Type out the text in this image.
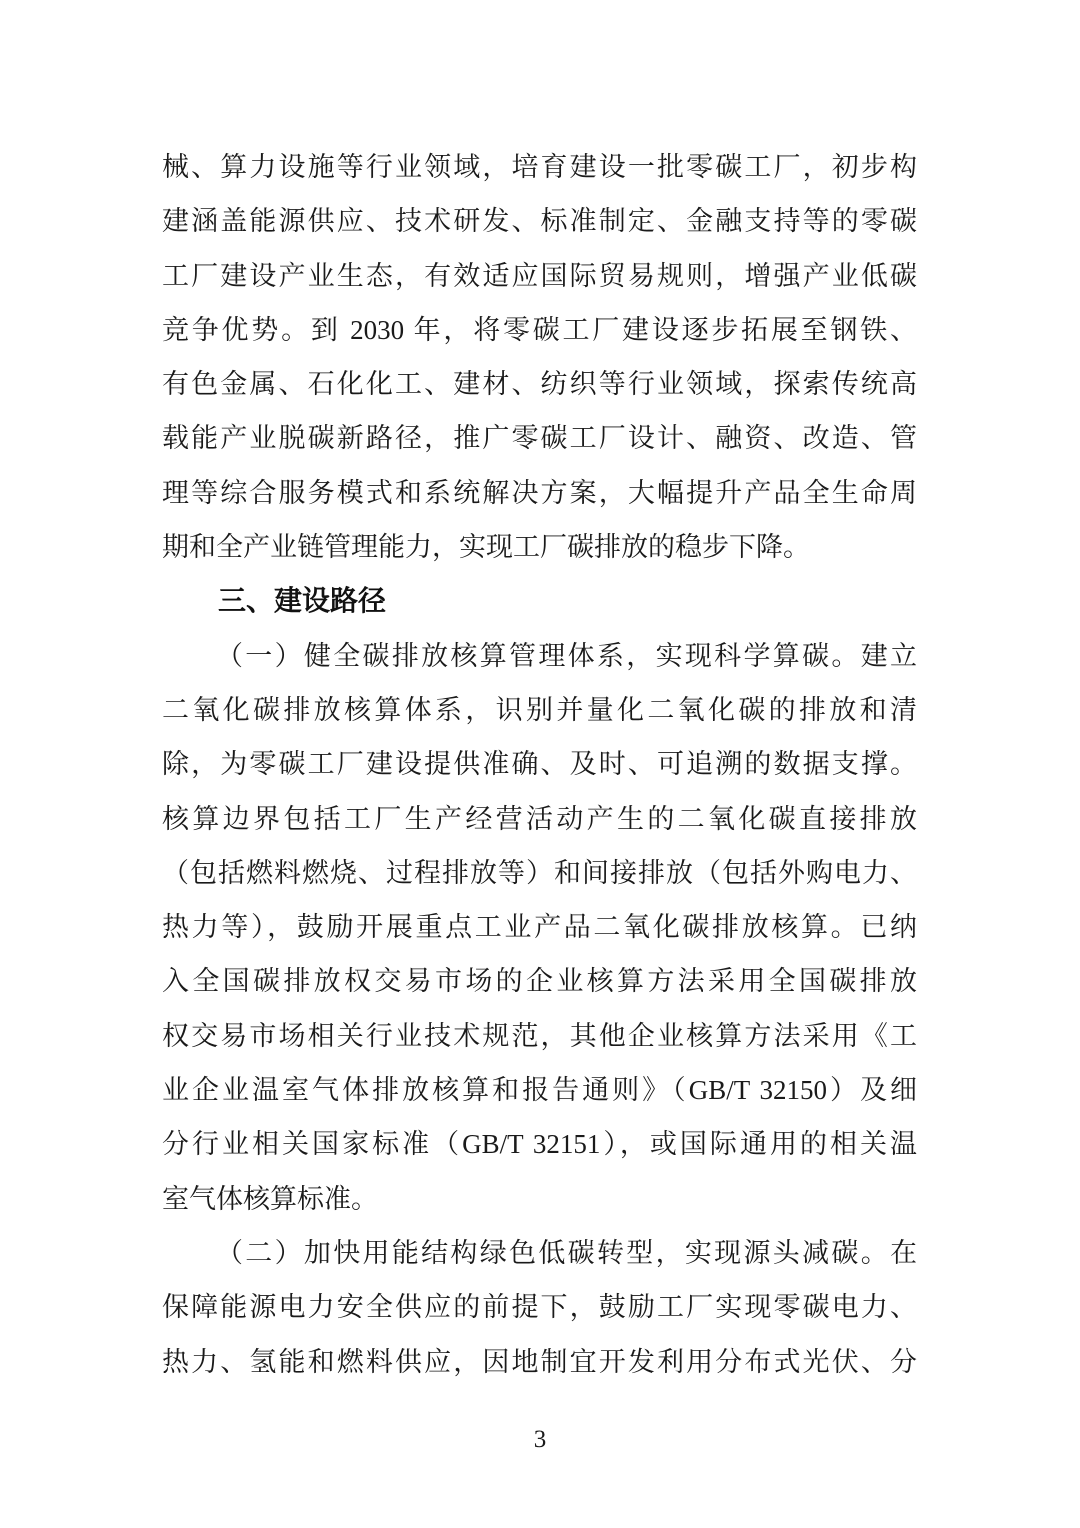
械、算力设施等行业领域，培育建设一批零碳工厂，初步构
建涵盖能源供应、技术研发、标准制定、金融支持等的零碳
工厂建设产业生态，有效适应国际贸易规则，增强产业低碳
竞争优势。到 2030 年，将零碳工厂建设逐步拓展至钢铁、
有色金属、石化化工、建材、纺织等行业领域，探索传统高
载能产业脱碳新路径，推广零碳工厂设计、融资、改造、管
理等综合服务模式和系统解决方案，大幅提升产品全生命周
期和全产业链管理能力，实现工厂碳排放的稳步下降。
三、建设路径
（一）健全碳排放核算管理体系，实现科学算碳。建立
二氧化碳排放核算体系，识别并量化二氧化碳的排放和清
除，为零碳工厂建设提供准确、及时、可追溯的数据支撑。
核算边界包括工厂生产经营活动产生的二氧化碳直接排放
（包括燃料燃烧、过程排放等）和间接排放（包括外购电力、
热力等），鼓励开展重点工业产品二氧化碳排放核算。已纳
入全国碳排放权交易市场的企业核算方法采用全国碳排放
权交易市场相关行业技术规范，其他企业核算方法采用《工
业企业温室气体排放核算和报告通则》（GB/T 32150）及细
分行业相关国家标准（GB/T 32151），或国际通用的相关温
室气体核算标准。
（二）加快用能结构绿色低碳转型，实现源头减碳。在
保障能源电力安全供应的前提下，鼓励工厂实现零碳电力、
热力、氢能和燃料供应，因地制宜开发利用分布式光伏、分
3
